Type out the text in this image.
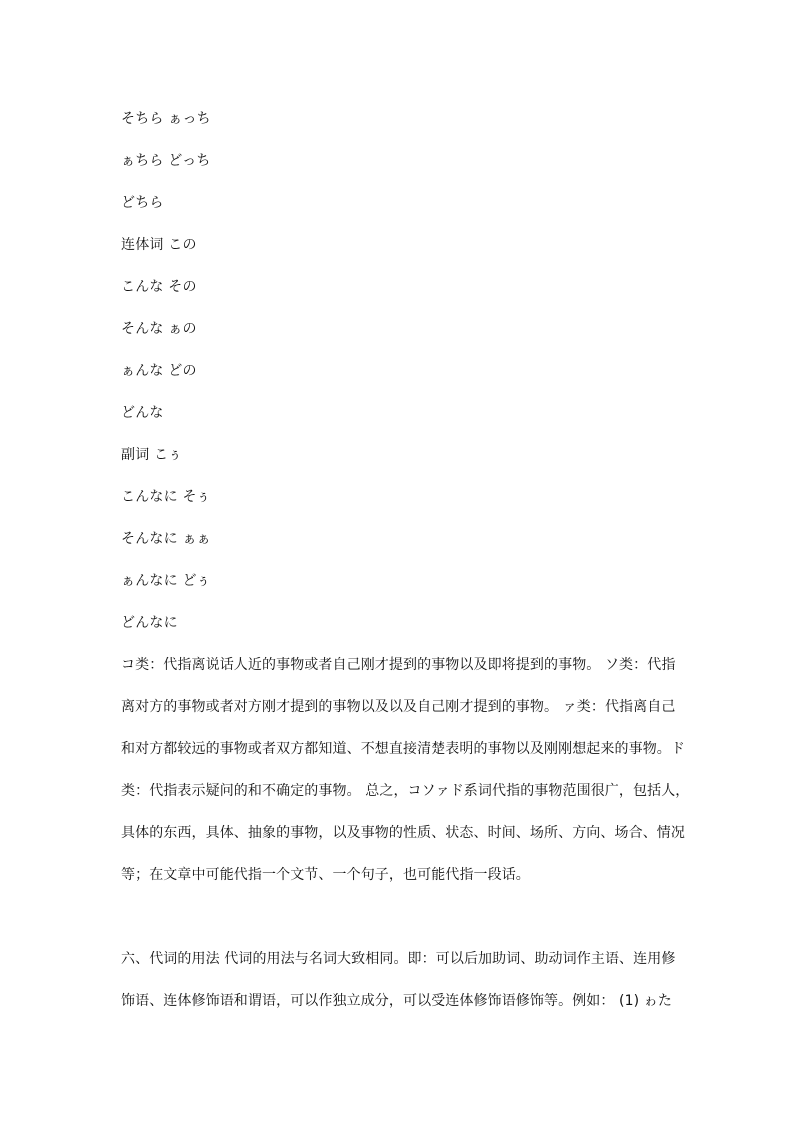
そちら ぁっち
ぁちら どっち
どちら
连体词 この
こんな その
そんな ぁの
ぁんな どの
どんな
副词 こぅ
こんなに そぅ
そんなに ぁぁ
ぁんなに どぅ
どんなに
コ类：代指离说话人近的事物或者自己刚才提到的事物以及即将提到的事物。 ソ类：代指
离对方的事物或者对方刚才提到的事物以及以及自己刚才提到的事物。 ァ类：代指离自己
和对方都较远的事物或者双方都知道、不想直接清楚表明的事物以及刚刚想起来的事物。ド
类：代指表示疑问的和不确定的事物。 总之，コソァド系词代指的事物范围很广，包括人，
具体的东西，具体、抽象的事物，以及事物的性质、状态、时间、场所、方向、场合、情况
等；在文章中可能代指一个文节、一个句子，也可能代指一段话。
六、代词的用法 代词的用法与名词大致相同。即：可以后加助词、助动词作主语、连用修
饰语、连体修饰语和谓语，可以作独立成分，可以受连体修饰语修饰等。例如： (1) ゎた
